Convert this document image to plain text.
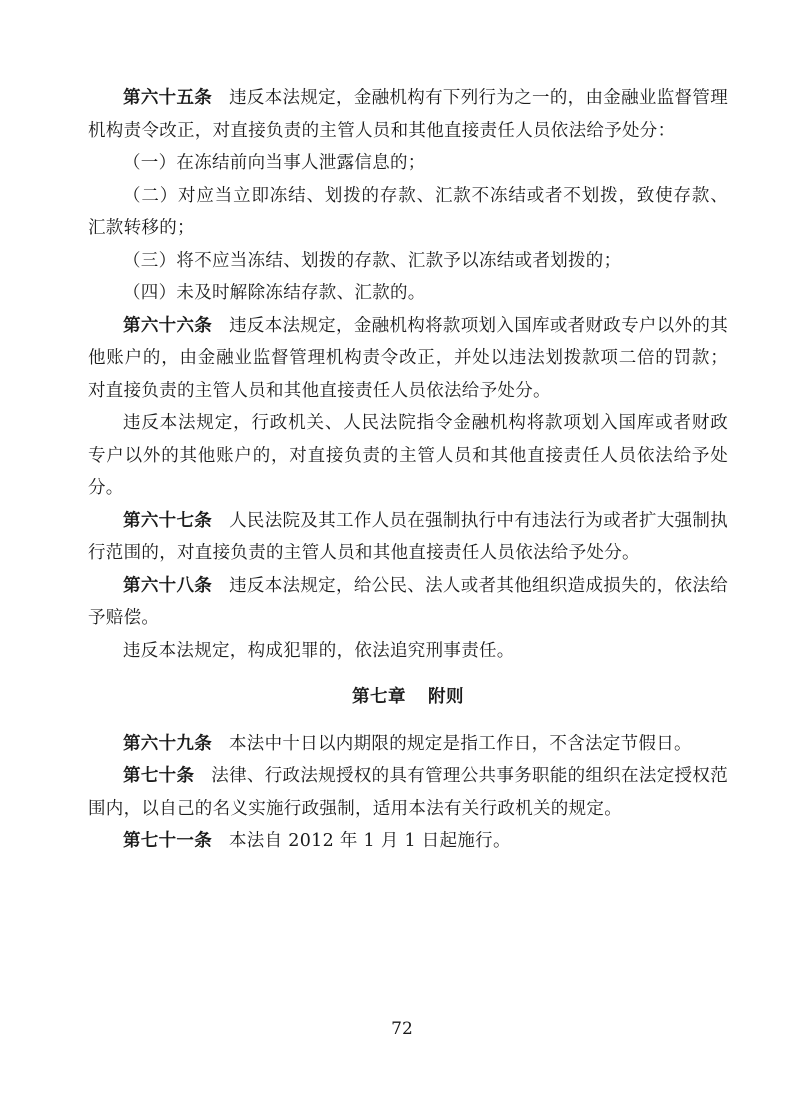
第六十五条 违反本法规定，金融机构有下列行为之一的，由金融业监督管理机构责令改正，对直接负责的主管人员和其他直接责任人员依法给予处分：

（一）在冻结前向当事人泄露信息的；

（二）对应当立即冻结、划拨的存款、汇款不冻结或者不划拨，致使存款、汇款转移的；

（三）将不应当冻结、划拨的存款、汇款予以冻结或者划拨的；

（四）未及时解除冻结存款、汇款的。

第六十六条 违反本法规定，金融机构将款项划入国库或者财政专户以外的其他账户的，由金融业监督管理机构责令改正，并处以违法划拨款项二倍的罚款；对直接负责的主管人员和其他直接责任人员依法给予处分。

违反本法规定，行政机关、人民法院指令金融机构将款项划入国库或者财政专户以外的其他账户的，对直接负责的主管人员和其他直接责任人员依法给予处分。

第六十七条 人民法院及其工作人员在强制执行中有违法行为或者扩大强制执行范围的，对直接负责的主管人员和其他直接责任人员依法给予处分。

第六十八条 违反本法规定，给公民、法人或者其他组织造成损失的，依法给予赔偿。

违反本法规定，构成犯罪的，依法追究刑事责任。

第七章 附则

第六十九条 本法中十日以内期限的规定是指工作日，不含法定节假日。

第七十条 法律、行政法规授权的具有管理公共事务职能的组织在法定授权范围内，以自己的名义实施行政强制，适用本法有关行政机关的规定。

第七十一条 本法自 2012 年 1 月 1 日起施行。

72
